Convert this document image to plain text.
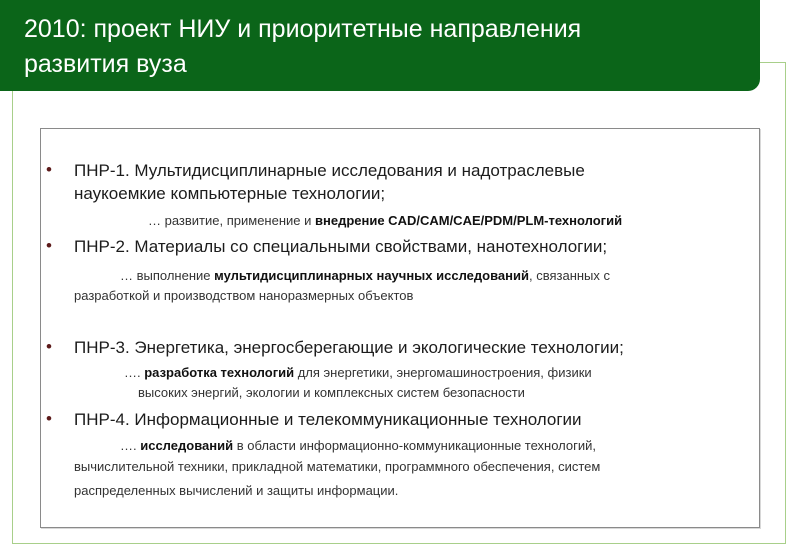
2010: проект НИУ и приоритетные направления
развития вуза
• ПНР-1. Мультидисциплинарные исследования и надотраслевые
наукоемкие компьютерные технологии;
… развитие, применение и внедрение CAD/CAM/CAE/PDM/PLM-технологий
• ПНР-2. Материалы со специальными свойствами, нанотехнологии;
… выполнение мультидисциплинарных научных исследований, связанных с
разработкой и производством наноразмерных объектов
• ПНР-3. Энергетика, энергосберегающие и экологические технологии;
…. разработка технологий для энергетики, энергомашиностроения, физики
высоких энергий, экологии и комплексных систем безопасности
• ПНР-4. Информационные и телекоммуникационные технологии
…. исследований в области информационно-коммуникационные технологий,
вычислительной техники, прикладной математики, программного обеспечения, систем
распределенных вычислений и защиты информации.
